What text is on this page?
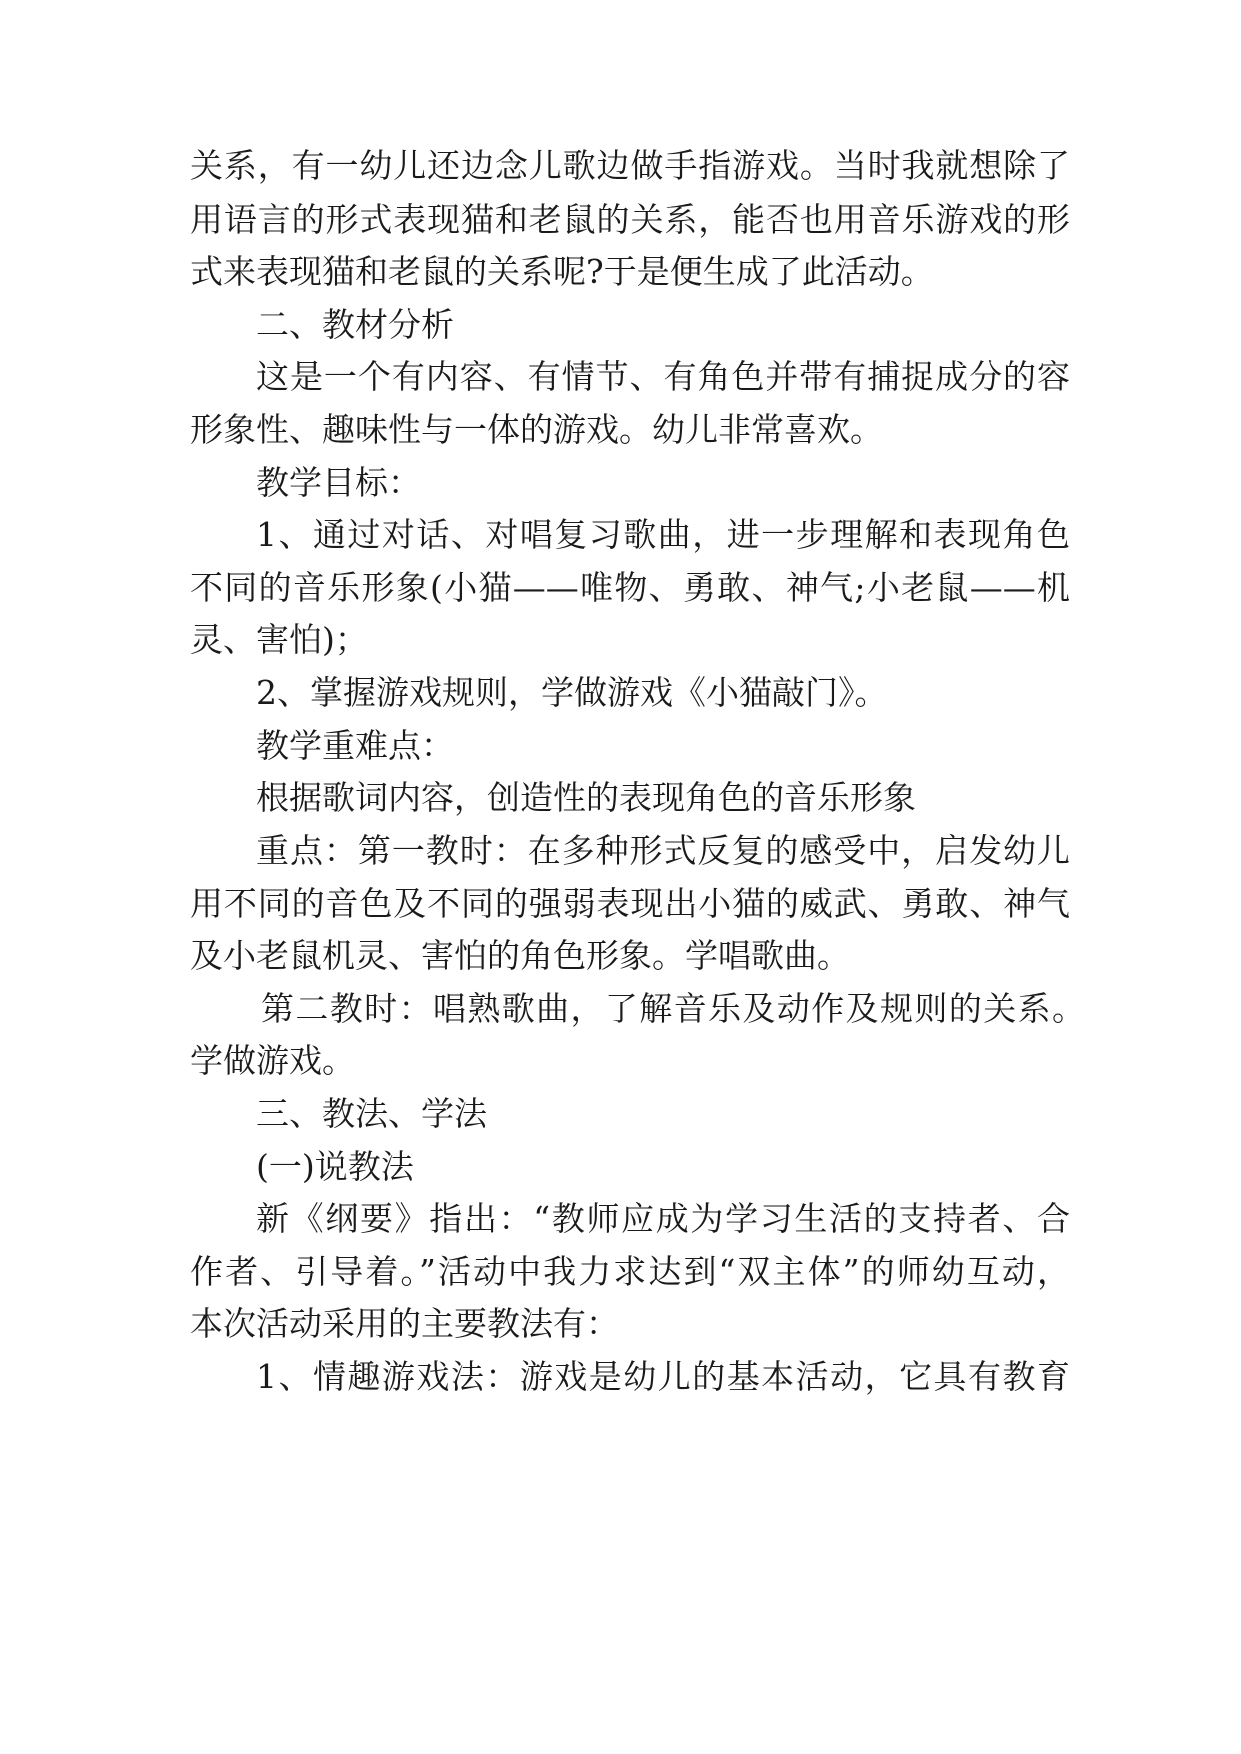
关系，有一幼儿还边念儿歌边做手指游戏。当时我就想除了
用语言的形式表现猫和老鼠的关系，能否也用音乐游戏的形
式来表现猫和老鼠的关系呢?于是便生成了此活动。
二、教材分析
这是一个有内容、有情节、有角色并带有捕捉成分的容
形象性、趣味性与一体的游戏。幼儿非常喜欢。
教学目标：
1、通过对话、对唱复习歌曲，进一步理解和表现角色
不同的音乐形象(小猫——唯物、勇敢、神气;小老鼠——机
灵、害怕)；
2、掌握游戏规则，学做游戏《小猫敲门》。
教学重难点：
根据歌词内容，创造性的表现角色的音乐形象
重点：第一教时：在多种形式反复的感受中，启发幼儿
用不同的音色及不同的强弱表现出小猫的威武、勇敢、神气
及小老鼠机灵、害怕的角色形象。学唱歌曲。
第二教时：唱熟歌曲，了解音乐及动作及规则的关系。
学做游戏。
三、教法、学法
(一)说教法
新《纲要》指出：“教师应成为学习生活的支持者、合
作者、引导着。”活动中我力求达到“双主体”的师幼互动，
本次活动采用的主要教法有：
1、情趣游戏法：游戏是幼儿的基本活动，它具有教育
